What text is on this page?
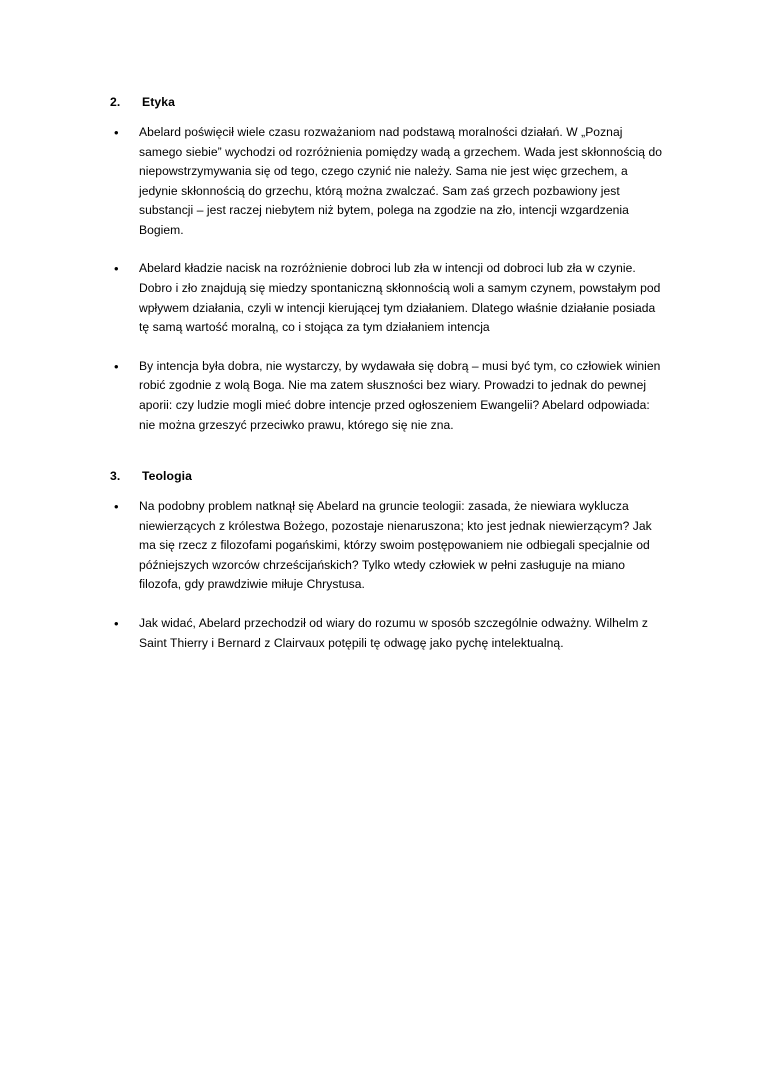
2.	Etyka
• Abelard poświęcił wiele czasu rozważaniom nad podstawą moralności działań. W „Poznaj samego siebie” wychodzi od rozróżnienia pomiędzy wadą a grzechem. Wada jest skłonnością do niepowstrzymywania się od tego, czego czynić nie należy. Sama nie jest więc grzechem, a jedynie skłonnością do grzechu, którą można zwalczać. Sam zaś grzech pozbawiony jest substancji – jest raczej niebytem niż bytem, polega na zgodzie na zło, intencji wzgardzenia Bogiem.
• Abelard kładzie nacisk na rozróżnienie dobroci lub zła w intencji od dobroci lub zła w czynie. Dobro i zło znajdują się miedzy spontaniczną skłonnością woli a samym czynem, powstałym pod wpływem działania, czyli w intencji kierującej tym działaniem. Dlatego właśnie działanie posiada tę samą wartość moralną, co i stojąca za tym działaniem intencja
• By intencja była dobra, nie wystarczy, by wydawała się dobrą – musi być tym, co człowiek winien robić zgodnie z wolą Boga. Nie ma zatem słuszności bez wiary. Prowadzi to jednak do pewnej aporii: czy ludzie mogli mieć dobre intencje przed ogłoszeniem Ewangelii? Abelard odpowiada: nie można grzeszyć przeciwko prawu, którego się nie zna.
3.	Teologia
• Na podobny problem natknął się Abelard na gruncie teologii: zasada, że niewiara wyklucza niewierzących z królestwa Bożego, pozostaje nienaruszona; kto jest jednak niewierzącym? Jak ma się rzecz z filozofami pogańskimi, którzy swoim postępowaniem nie odbiegali specjalnie od późniejszych wzorców chrześcijańskich? Tylko wtedy człowiek w pełni zasługuje na miano filozofa, gdy prawdziwie miłuje Chrystusa.
• Jak widać, Abelard przechodził od wiary do rozumu w sposób szczególnie odważny. Wilhelm z Saint Thierry i Bernard z Clairvaux potępili tę odwagę jako pychę intelektualną.
